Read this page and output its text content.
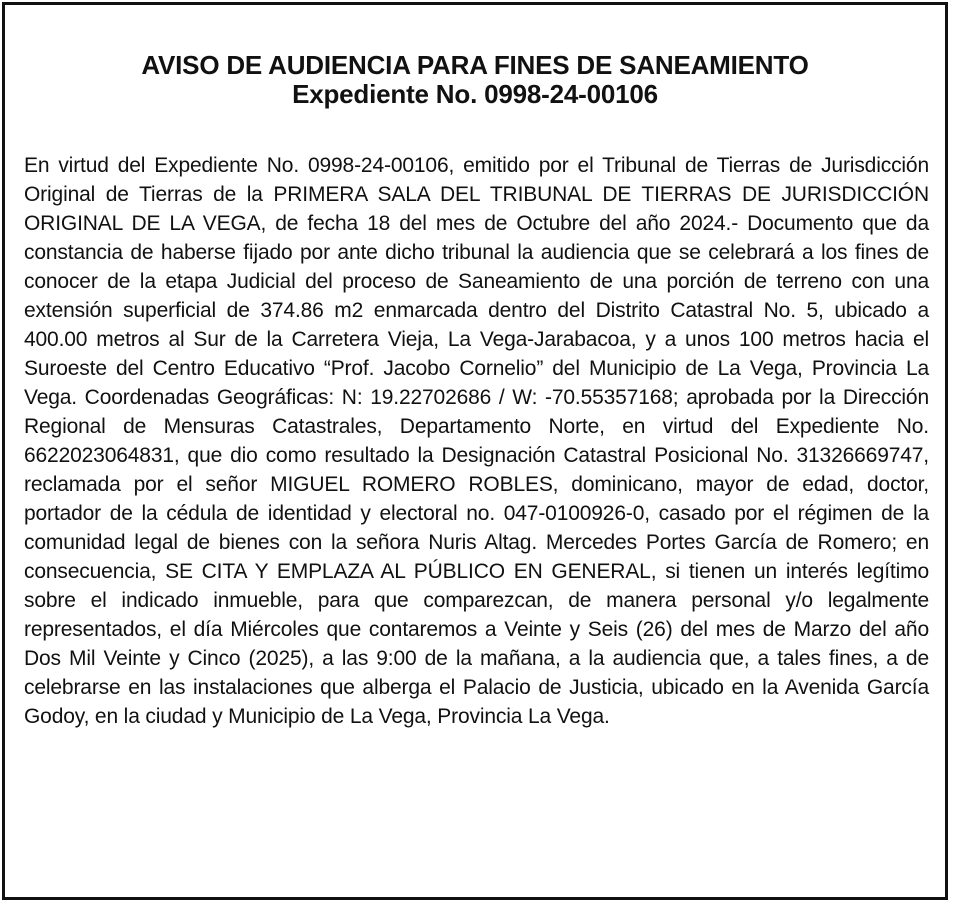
AVISO DE AUDIENCIA PARA FINES DE SANEAMIENTO
Expediente No. 0998-24-00106

En virtud del Expediente No. 0998-24-00106, emitido por el Tribunal de Tierras de Jurisdicción Original de Tierras de la PRIMERA SALA DEL TRIBUNAL DE TIERRAS DE JURISDICCIÓN ORIGINAL DE LA VEGA, de fecha 18 del mes de Octubre del año 2024.- Documento que da constancia de haberse fijado por ante dicho tribunal la audiencia que se celebrará a los fines de conocer de la etapa Judicial del proceso de Saneamiento de una porción de terreno con una extensión superficial de 374.86 m2 enmarcada dentro del Distrito Catastral No. 5, ubicado a 400.00 metros al Sur de la Carretera Vieja, La Vega-Jarabacoa, y a unos 100 metros hacia el Suroeste del Centro Educativo “Prof. Jacobo Cornelio” del Municipio de La Vega, Provincia La Vega. Coordenadas Geográficas: N: 19.22702686 / W: -70.55357168; aprobada por la Dirección Regional de Mensuras Catastrales, Departamento Norte, en virtud del Expediente No. 6622023064831, que dio como resultado la Designación Catastral Posicional No. 31326669747, reclamada por el señor MIGUEL ROMERO ROBLES, dominicano, mayor de edad, doctor, portador de la cédula de identidad y electoral no. 047-0100926-0, casado por el régimen de la comunidad legal de bienes con la señora Nuris Altag. Mercedes Portes García de Romero; en consecuencia, SE CITA Y EMPLAZA AL PÚBLICO EN GENERAL, si tienen un interés legítimo sobre el indicado inmueble, para que comparezcan, de manera personal y/o legalmente representados, el día Miércoles que contaremos a Veinte y Seis (26) del mes de Marzo del año Dos Mil Veinte y Cinco (2025), a las 9:00 de la mañana, a la audiencia que, a tales fines, a de celebrarse en las instalaciones que alberga el Palacio de Justicia, ubicado en la Avenida García Godoy, en la ciudad y Municipio de La Vega, Provincia La Vega.
